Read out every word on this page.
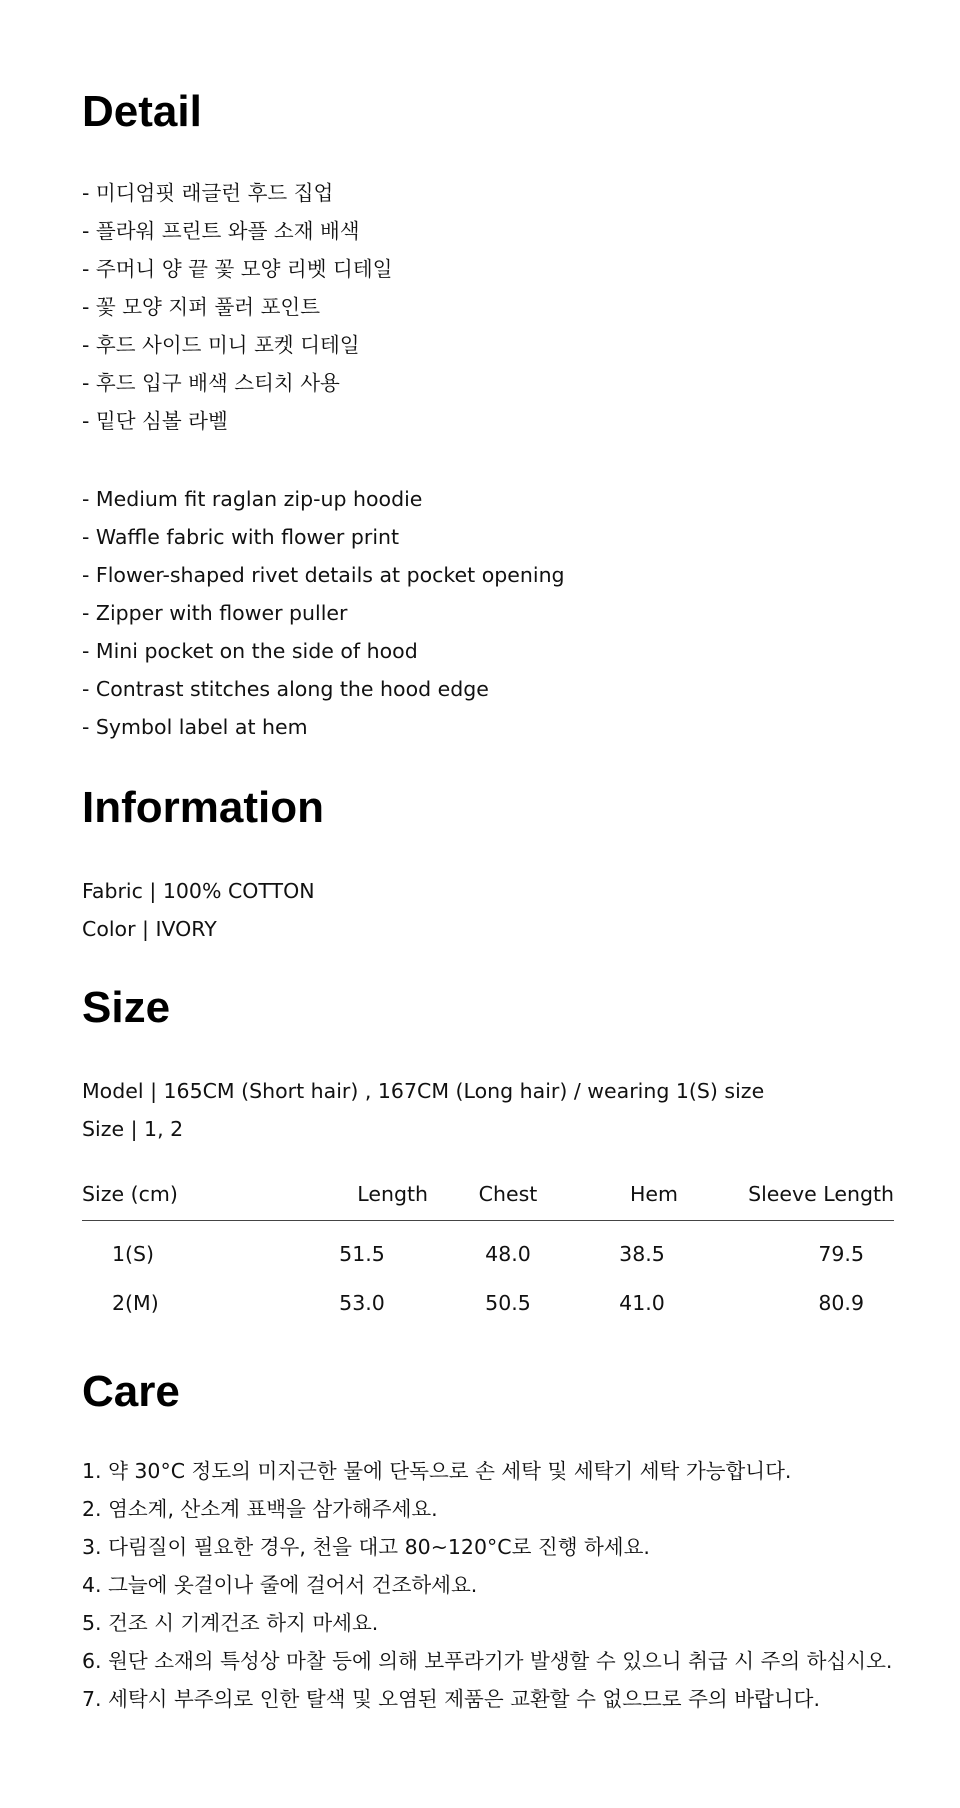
Detail
- 미디엄핏 래글런 후드 집업
- 플라워 프린트 와플 소재 배색
- 주머니 양 끝 꽃 모양 리벳 디테일
- 꽃 모양 지퍼 풀러 포인트
- 후드 사이드 미니 포켓 디테일
- 후드 입구 배색 스티치 사용
- 밑단 심볼 라벨
- Medium fit raglan zip-up hoodie
- Waffle fabric with flower print
- Flower-shaped rivet details at pocket opening
- Zipper with flower puller
- Mini pocket on the side of hood
- Contrast stitches along the hood edge
- Symbol label at hem
Information
Fabric | 100% COTTON
Color | IVORY
Size
Model | 165CM (Short hair) , 167CM (Long hair) / wearing 1(S) size
Size | 1, 2
Size (cm)	Length	Chest	Hem	Sleeve Length
1(S)	51.5	48.0	38.5	79.5
2(M)	53.0	50.5	41.0	80.9
Care
1. 약 30°C 정도의 미지근한 물에 단독으로 손 세탁 및 세탁기 세탁 가능합니다.
2. 염소계, 산소계 표백을 삼가해주세요.
3. 다림질이 필요한 경우, 천을 대고 80~120°C로 진행 하세요.
4. 그늘에 옷걸이나 줄에 걸어서 건조하세요.
5. 건조 시 기계건조 하지 마세요.
6. 원단 소재의 특성상 마찰 등에 의해 보푸라기가 발생할 수 있으니 취급 시 주의 하십시오.
7. 세탁시 부주의로 인한 탈색 및 오염된 제품은 교환할 수 없으므로 주의 바랍니다.
